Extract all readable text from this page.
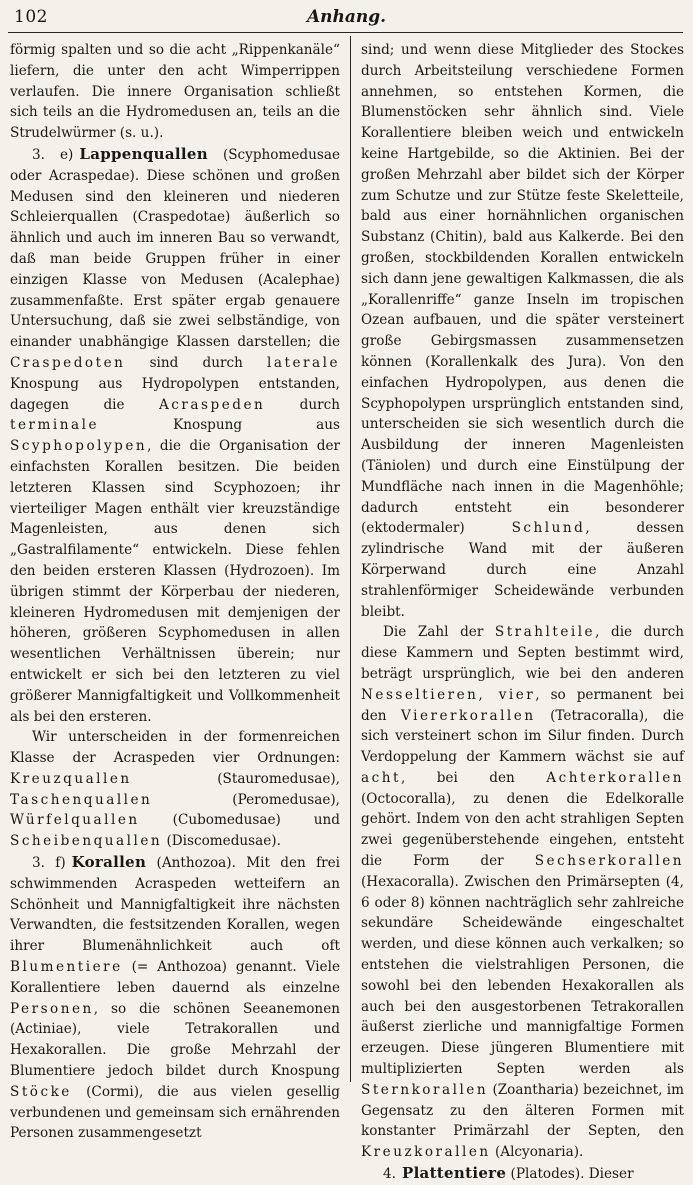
102	Anhang.

förmig spalten und so die acht „Rippenkanäle“ liefern, die unter den acht Wimperrippen verlaufen. Die innere Organisation schließt sich teils an die Hydromedusen an, teils an die Strudelwürmer (s. u.).

3. e) Lappenquallen (Scyphomedusae oder Acraspedae). Diese schönen und großen Medusen sind den kleineren und niederen Schleierquallen (Craspedotae) äußerlich so ähnlich und auch im inneren Bau so verwandt, daß man beide Gruppen früher in einer einzigen Klasse von Medusen (Acalephae) zusammenfaßte. Erst später ergab genauere Untersuchung, daß sie zwei selbständige, von einander unabhängige Klassen darstellen; die Craspedoten sind durch laterale Knospung aus Hydropolypen entstanden, dagegen die	Acraspeden	durch terminale	Knospung aus Scyphopolypen, die die Organisation der einfachsten Korallen besitzen. Die beiden letzteren Klassen sind Scyphozoen; ihr vierteiliger Magen enthält vier kreuzständige Magenleisten, aus denen sich „Gastralfilamente“ entwickeln. Diese fehlen den beiden ersteren Klassen (Hydrozoen). Im übrigen stimmt der Körperbau der niederen, kleineren Hydromedusen mit demjenigen der höheren, größeren Scyphomedusen in allen wesentlichen Verhältnissen überein; nur entwickelt er sich bei den letzteren zu viel größerer Mannigfaltigkeit und Vollkommenheit als bei den ersteren.

Wir unterscheiden in der formenreichen Klasse der Acraspeden vier Ordnungen: Kreuzquallen	(Stauromedusae), Taschenquallen	(Peromedusae), Würfelquallen (Cubomedusae) und Scheibenquallen (Discomedusae).

3. f) Korallen (Anthozoa). Mit den frei schwimmenden Acraspeden wetteifern an Schönheit und Mannigfaltigkeit ihre nächsten Verwandten, die festsitzenden Korallen, wegen ihrer Blumenähnlichkeit auch oft Blumentiere (= Anthozoa) genannt. Viele Korallentiere leben dauernd als einzelne Personen, so die schönen Seeanemonen (Actiniae), viele Tetrakorallen und Hexakorallen. Die große Mehrzahl der Blumentiere jedoch bildet durch Knospung Stöcke (Cormi), die aus vielen gesellig verbundenen und gemeinsam sich ernährenden Personen zusammengesetzt

sind; und wenn diese Mitglieder des Stockes durch Arbeitsteilung verschiedene Formen annehmen, so entstehen Kormen, die Blumenstöcken sehr ähnlich sind. Viele Korallentiere bleiben weich und entwickeln keine Hartgebilde, so die Aktinien. Bei der großen Mehrzahl aber bildet sich der Körper zum Schutze und zur Stütze feste Skeletteile, bald aus einer hornähnlichen organischen Substanz (Chitin), bald aus Kalkerde. Bei den großen, stockbildenden Korallen entwickeln sich dann jene gewaltigen Kalkmassen, die als „Korallenriffe“ ganze Inseln im tropischen Ozean aufbauen, und die später versteinert große Gebirgsmassen zusammensetzen können (Korallenkalk des Jura). Von den einfachen Hydropolypen, aus denen die Scyphopolypen ursprünglich entstanden sind, unterscheiden sie sich wesentlich durch die Ausbildung der inneren Magenleisten (Täniolen) und durch eine Einstülpung der Mundfläche nach innen in die Magenhöhle; dadurch entsteht ein besonderer (ektodermaler)	Schlund, dessen zylindrische Wand mit der äußeren Körperwand durch eine Anzahl strahlenförmiger Scheidewände verbunden bleibt.

Die Zahl der Strahlteile, die durch diese Kammern und Septen bestimmt wird, beträgt ursprünglich, wie bei den anderen Nesseltieren, vier, so permanent bei den Viererkorallen (Tetracoralla), die sich versteinert schon im Silur finden. Durch Verdoppelung der Kammern wächst sie auf acht, bei den Achterkorallen (Octocoralla), zu denen die Edelkoralle gehört. Indem von den acht strahligen Septen zwei gegenüberstehende eingehen, entsteht die Form der Sechserkorallen (Hexacoralla). Zwischen den Primärsepten (4, 6 oder 8) können nachträglich sehr zahlreiche sekundäre Scheidewände eingeschaltet werden, und diese können auch verkalken; so entstehen die vielstrahligen Personen, die sowohl bei den lebenden Hexakorallen als auch bei den ausgestorbenen Tetrakorallen äußerst zierliche und mannigfaltige Formen erzeugen. Diese jüngeren Blumentiere mit multiplizierten Septen werden als Sternkorallen (Zoantharia) bezeichnet, im Gegensatz zu den älteren Formen mit konstanter Primärzahl der Septen, den Kreuzkorallen (Alcyonaria).

4. Plattentiere (Platodes). Dieser
